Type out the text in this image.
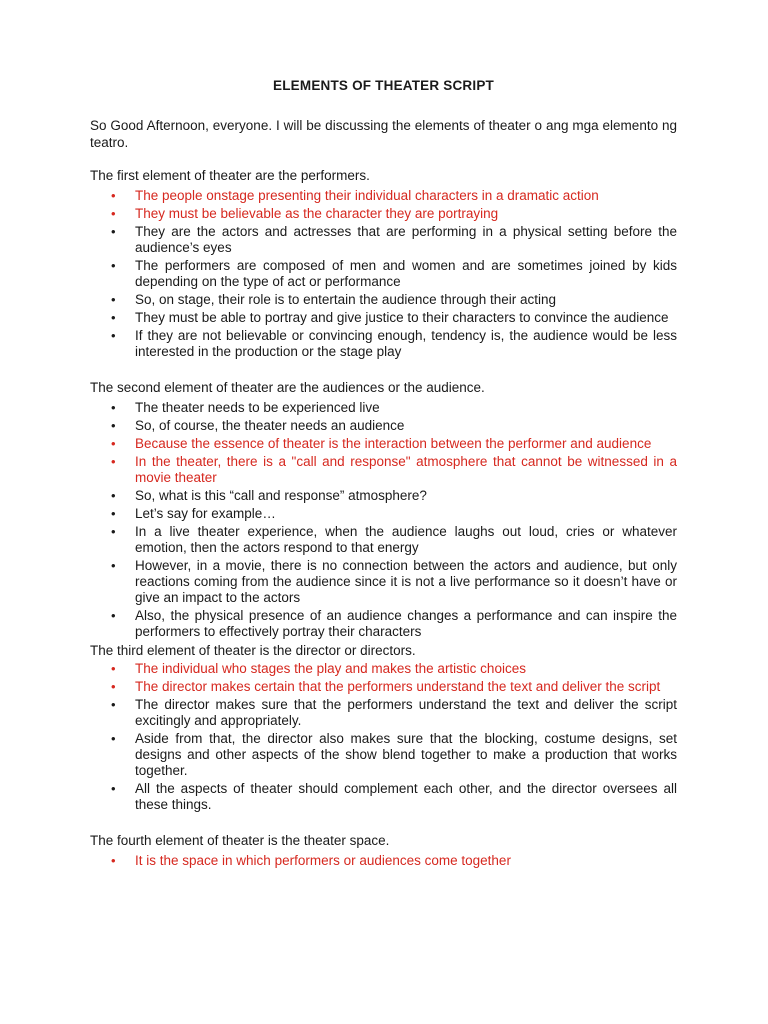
ELEMENTS OF THEATER SCRIPT

So Good Afternoon, everyone. I will be discussing the elements of theater o ang mga elemento ng teatro.

The first element of theater are the performers.

• The people onstage presenting their individual characters in a dramatic action
• They must be believable as the character they are portraying
• They are the actors and actresses that are performing in a physical setting before the audience’s eyes
• The performers are composed of men and women and are sometimes joined by kids depending on the type of act or performance
• So, on stage, their role is to entertain the audience through their acting
• They must be able to portray and give justice to their characters to convince the audience
• If they are not believable or convincing enough, tendency is, the audience would be less interested in the production or the stage play

The second element of theater are the audiences or the audience.

• The theater needs to be experienced live
• So, of course, the theater needs an audience
• Because the essence of theater is the interaction between the performer and audience
• In the theater, there is a "call and response" atmosphere that cannot be witnessed in a movie theater
• So, what is this “call and response” atmosphere?
• Let’s say for example…
• In a live theater experience, when the audience laughs out loud, cries or whatever emotion, then the actors respond to that energy
• However, in a movie, there is no connection between the actors and audience, but only reactions coming from the audience since it is not a live performance so it doesn’t have or give an impact to the actors
• Also, the physical presence of an audience changes a performance and can inspire the performers to effectively portray their characters

The third element of theater is the director or directors.

• The individual who stages the play and makes the artistic choices
• The director makes certain that the performers understand the text and deliver the script
• The director makes sure that the performers understand the text and deliver the script excitingly and appropriately.
• Aside from that, the director also makes sure that the blocking, costume designs, set designs and other aspects of the show blend together to make a production that works together.
• All the aspects of theater should complement each other, and the director oversees all these things.

The fourth element of theater is the theater space.

• It is the space in which performers or audiences come together
